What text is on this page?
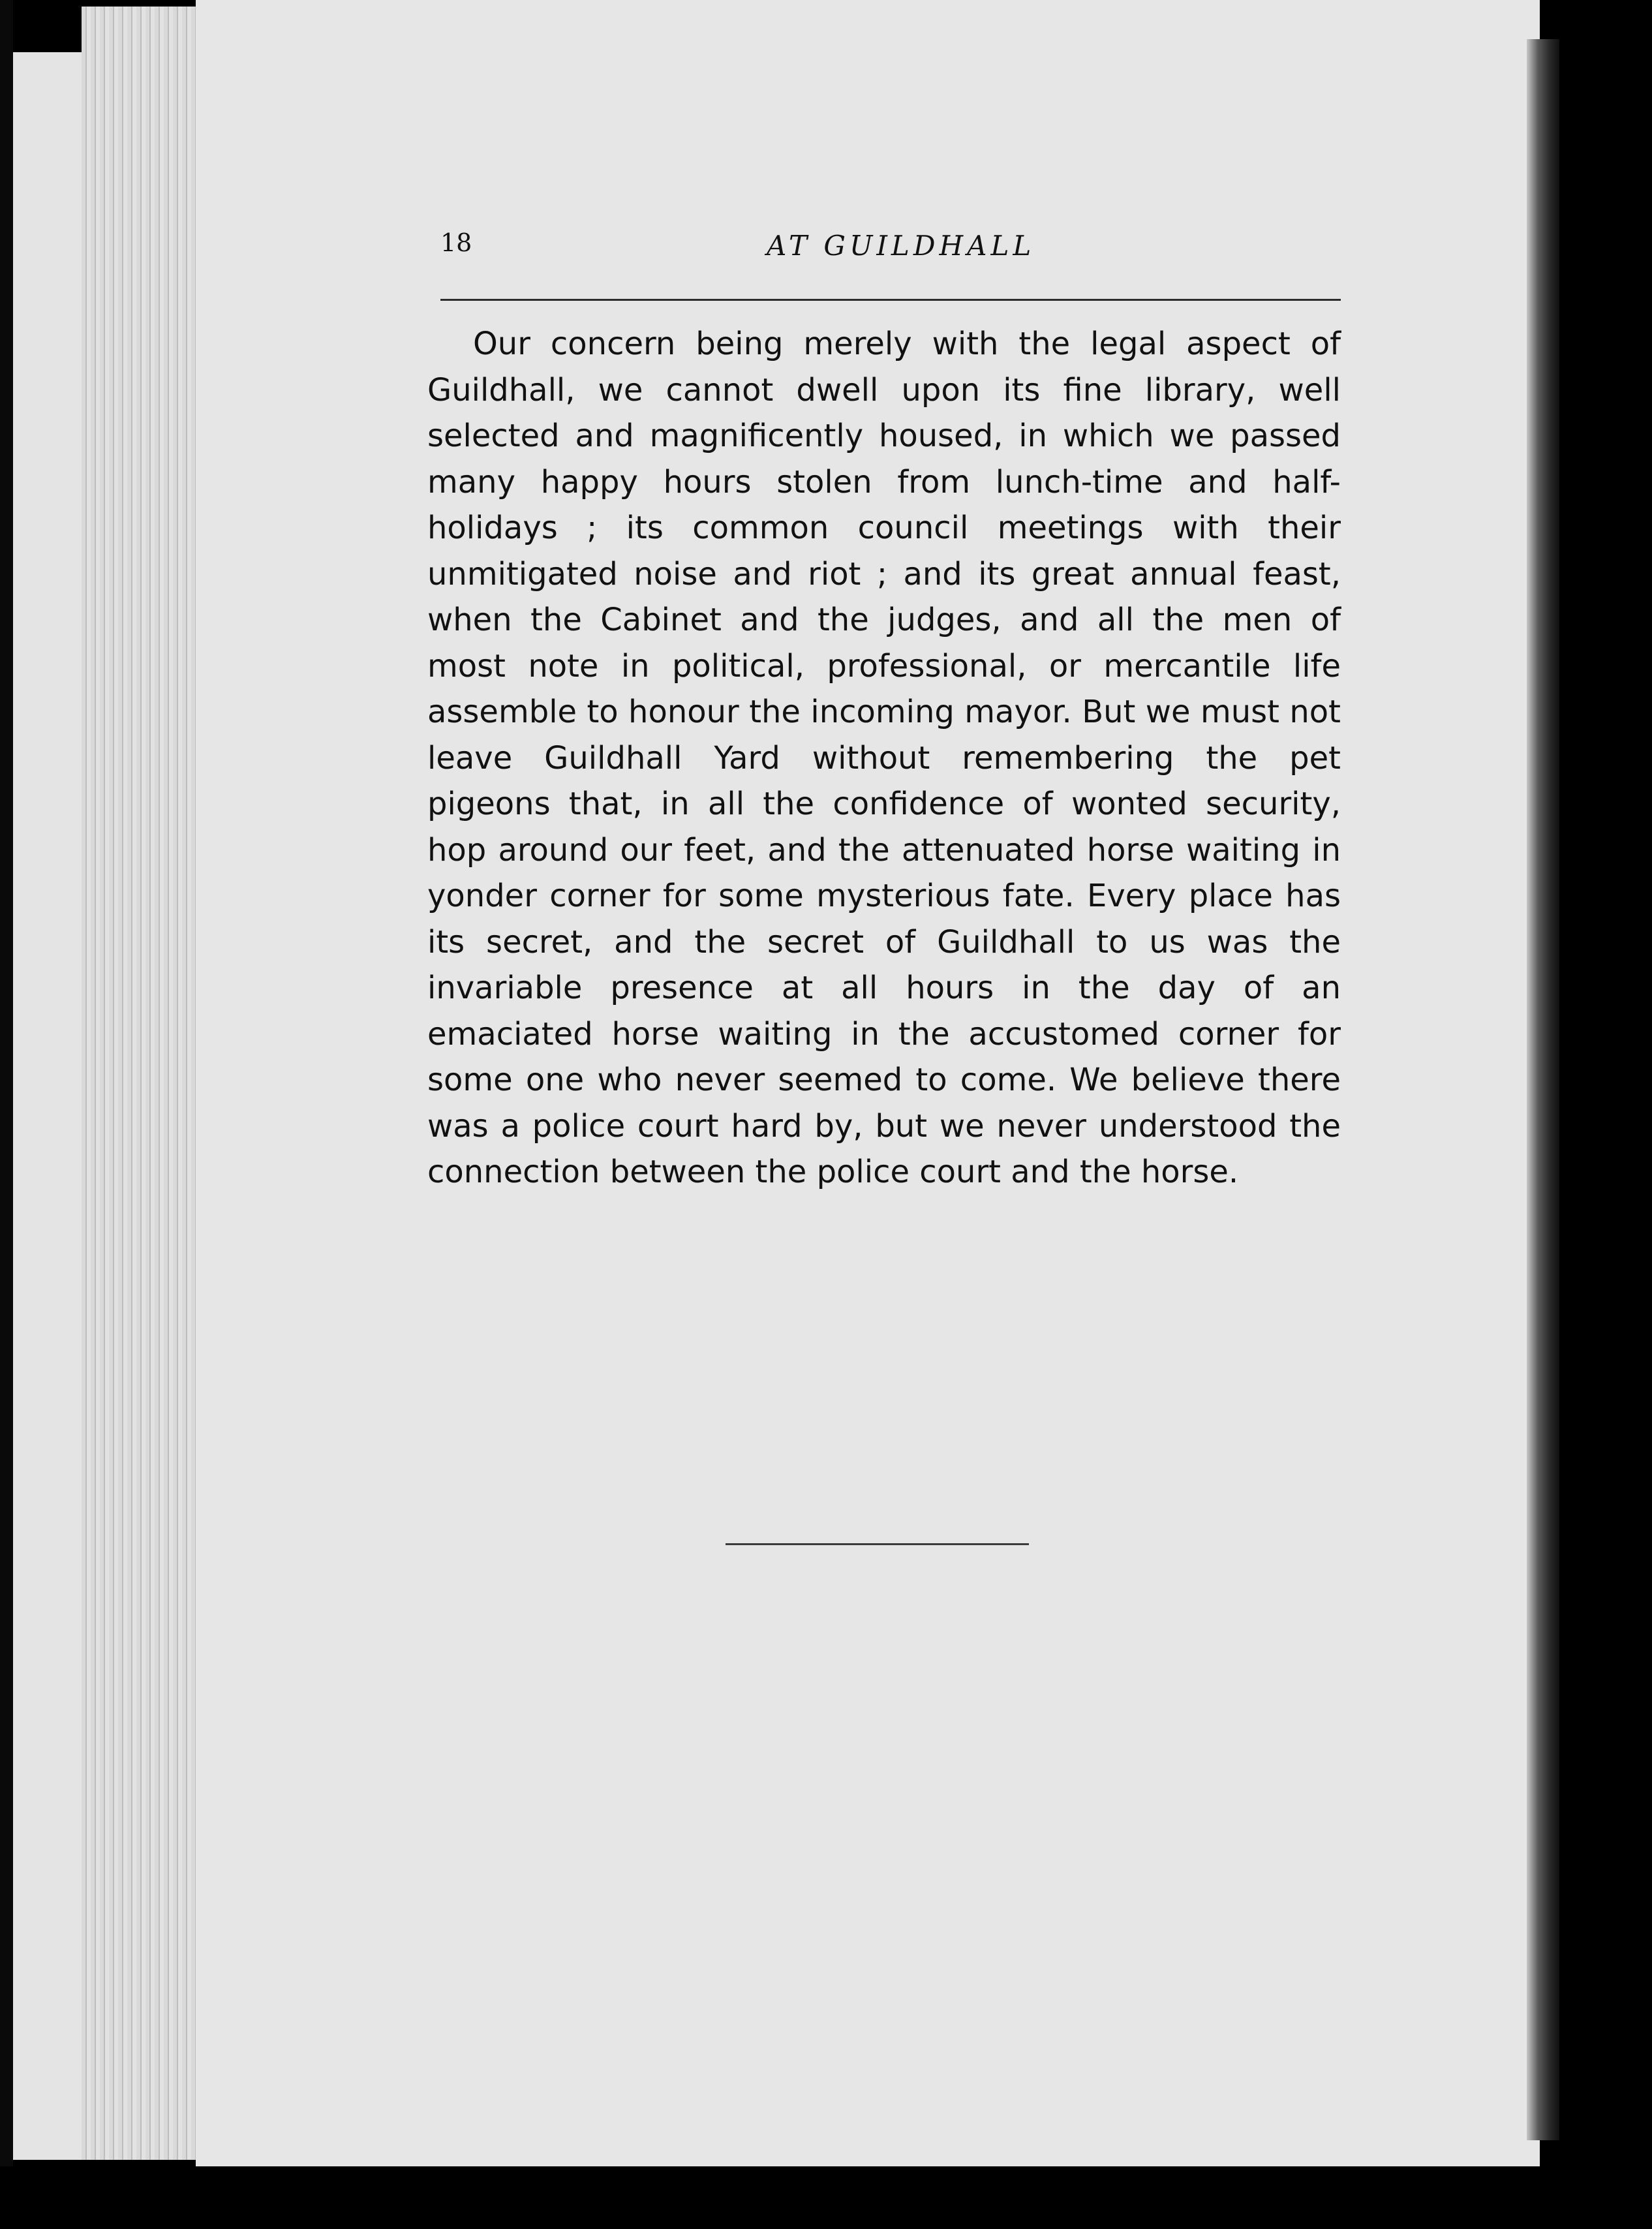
18	AT GUILDHALL

Our concern being merely with the legal aspect of Guildhall, we cannot dwell upon its fine library, well selected and magnificently housed, in which we passed many happy hours stolen from lunch-time and half-holidays ; its common council meetings with their unmitigated noise and riot ; and its great annual feast, when the Cabinet and the judges, and all the men of most note in political, professional, or mercantile life assemble to honour the incoming mayor. But we must not leave Guildhall Yard without remembering the pet pigeons that, in all the confidence of wonted security, hop around our feet, and the attenuated horse waiting in yonder corner for some mysterious fate. Every place has its secret, and the secret of Guildhall to us was the invariable presence at all hours in the day of an emaciated horse waiting in the accustomed corner for some one who never seemed to come. We believe there was a police court hard by, but we never understood the connection between the police court and the horse.
